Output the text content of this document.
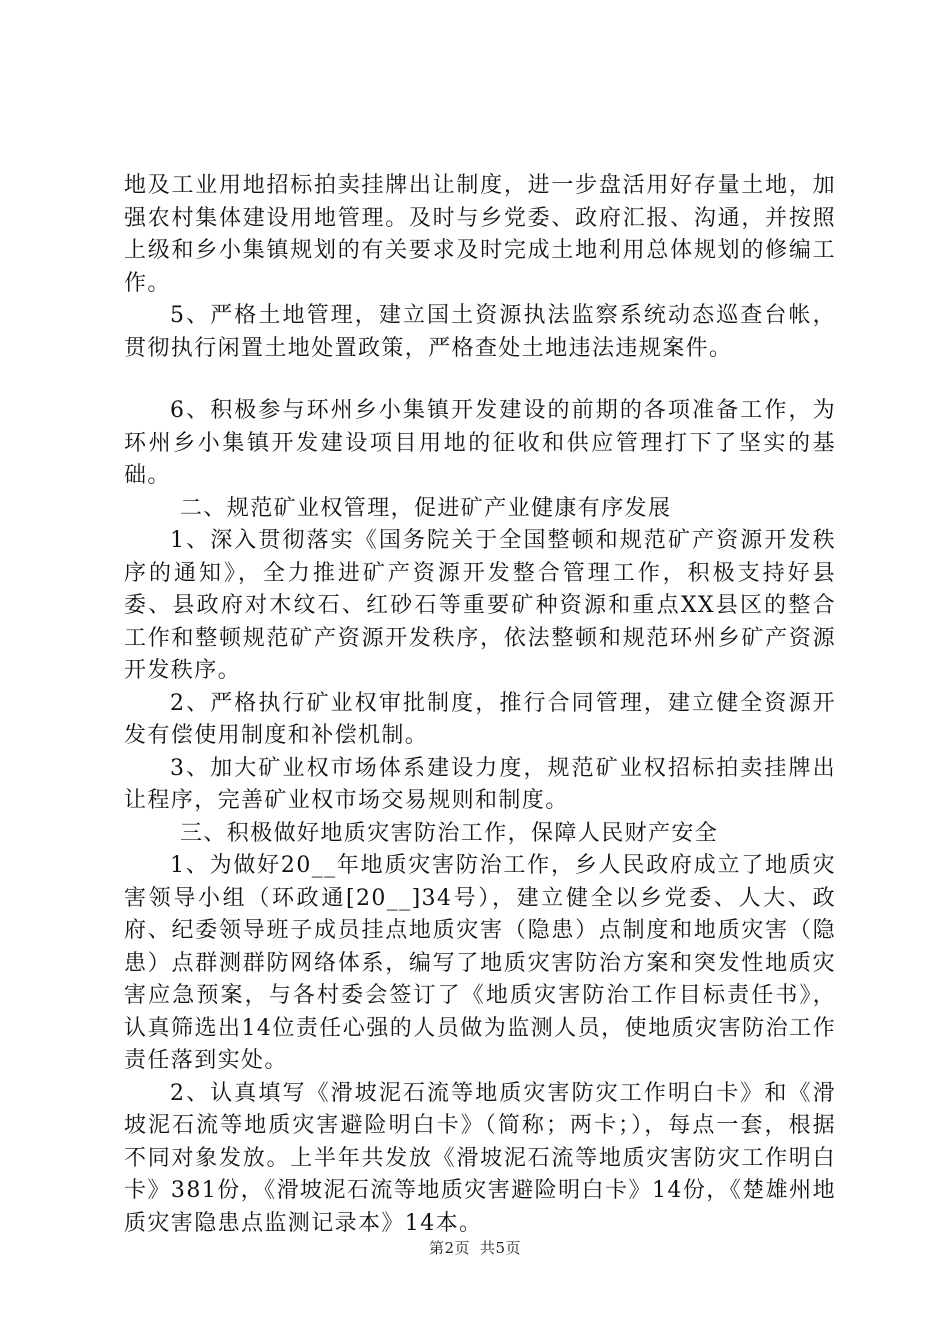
地及工业用地招标拍卖挂牌出让制度，进一步盘活用好存量土地，加强农村集体建设用地管理。及时与乡党委、政府汇报、沟通，并按照上级和乡小集镇规划的有关要求及时完成土地利用总体规划的修编工作。

5、严格土地管理，建立国土资源执法监察系统动态巡查台帐，贯彻执行闲置土地处置政策，严格查处土地违法违规案件。

6、积极参与环州乡小集镇开发建设的前期的各项准备工作，为环州乡小集镇开发建设项目用地的征收和供应管理打下了坚实的基础。

二、规范矿业权管理，促进矿产业健康有序发展

1、深入贯彻落实《国务院关于全国整顿和规范矿产资源开发秩序的通知》，全力推进矿产资源开发整合管理工作，积极支持好县委、县政府对木纹石、红砂石等重要矿种资源和重点XX县区的整合工作和整顿规范矿产资源开发秩序，依法整顿和规范环州乡矿产资源开发秩序。

2、严格执行矿业权审批制度，推行合同管理，建立健全资源开发有偿使用制度和补偿机制。

3、加大矿业权市场体系建设力度，规范矿业权招标拍卖挂牌出让程序，完善矿业权市场交易规则和制度。

三、积极做好地质灾害防治工作，保障人民财产安全

1、为做好20__年地质灾害防治工作，乡人民政府成立了地质灾害领导小组（环政通[20__]34号），建立健全以乡党委、人大、政府、纪委领导班子成员挂点地质灾害（隐患）点制度和地质灾害（隐患）点群测群防网络体系，编写了地质灾害防治方案和突发性地质灾害应急预案，与各村委会签订了《地质灾害防治工作目标责任书》，认真筛选出14位责任心强的人员做为监测人员，使地质灾害防治工作责任落到实处。

2、认真填写《滑坡泥石流等地质灾害防灾工作明白卡》和《滑坡泥石流等地质灾害避险明白卡》（简称；两卡；），每点一套，根据不同对象发放。上半年共发放《滑坡泥石流等地质灾害防灾工作明白卡》381份，《滑坡泥石流等地质灾害避险明白卡》14份，《楚雄州地质灾害隐患点监测记录本》14本。

第2页 共5页
